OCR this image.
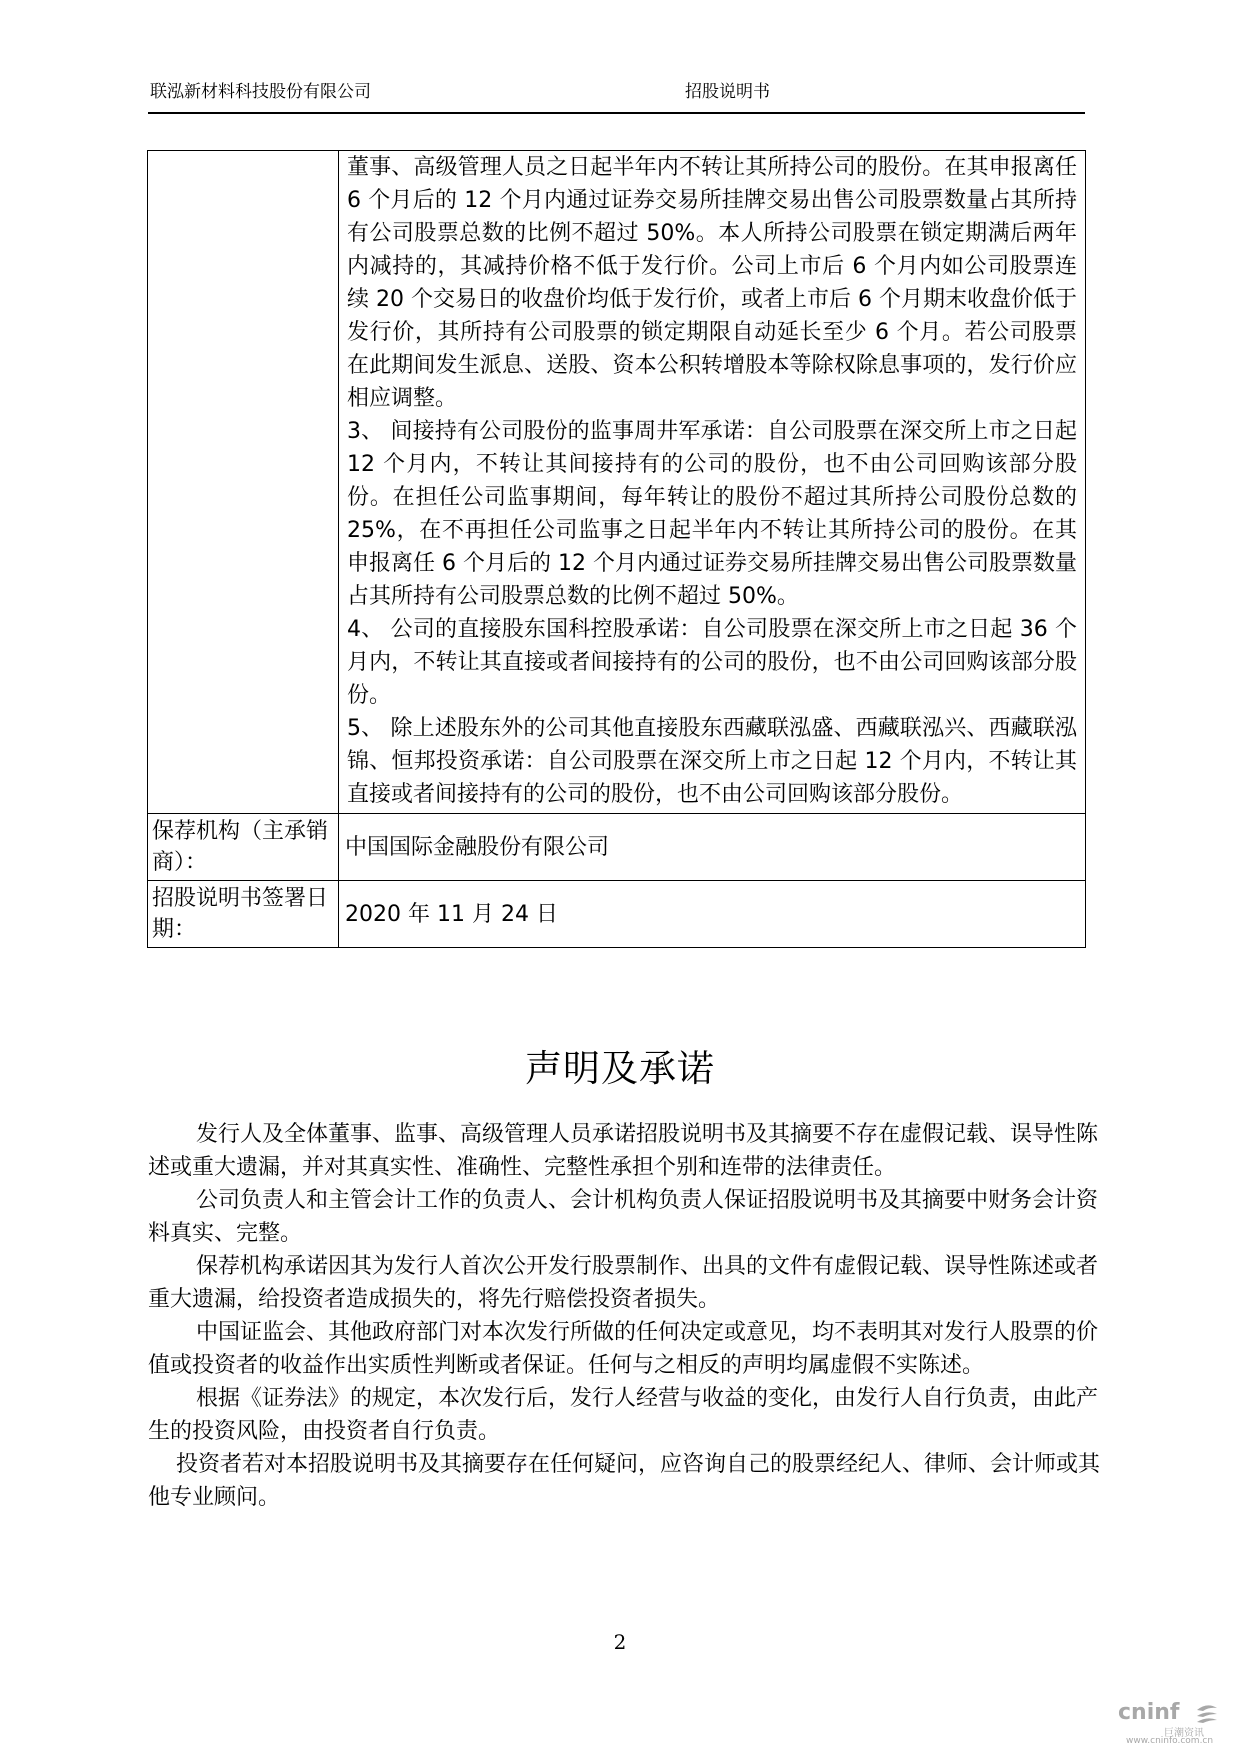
联泓新材料科技股份有限公司	招股说明书

	董事、高级管理人员之日起半年内不转让其所持公司的股份。在其申报离任 6 个月后的 12 个月内通过证券交易所挂牌交易出售公司股票数量占其所持有公司股票总数的比例不超过 50%。本人所持公司股票在锁定期满后两年内减持的，其减持价格不低于发行价。公司上市后 6 个月内如公司股票连续 20 个交易日的收盘价均低于发行价，或者上市后 6 个月期末收盘价低于发行价，其所持有公司股票的锁定期限自动延长至少 6 个月。若公司股票在此期间发生派息、送股、资本公积转增股本等除权除息事项的，发行价应相应调整。

3、 间接持有公司股份的监事周井军承诺：自公司股票在深交所上市之日起 12 个月内，不转让其间接持有的公司的股份，也不由公司回购该部分股份。在担任公司监事期间，每年转让的股份不超过其所持公司股份总数的 25%，在不再担任公司监事之日起半年内不转让其所持公司的股份。在其申报离任 6 个月后的 12 个月内通过证券交易所挂牌交易出售公司股票数量占其所持有公司股票总数的比例不超过 50%。

4、 公司的直接股东国科控股承诺：自公司股票在深交所上市之日起 36 个月内，不转让其直接或者间接持有的公司的股份，也不由公司回购该部分股份。

5、 除上述股东外的公司其他直接股东西藏联泓盛、西藏联泓兴、西藏联泓锦、恒邦投资承诺：自公司股票在深交所上市之日起 12 个月内，不转让其直接或者间接持有的公司的股份，也不由公司回购该部分股份。

保荐机构（主承销商）：	中国国际金融股份有限公司
招股说明书签署日期：	2020 年 11 月 24 日
声明及承诺

发行人及全体董事、监事、高级管理人员承诺招股说明书及其摘要不存在虚假记载、误导性陈述或重大遗漏，并对其真实性、准确性、完整性承担个别和连带的法律责任。

公司负责人和主管会计工作的负责人、会计机构负责人保证招股说明书及其摘要中财务会计资料真实、完整。

保荐机构承诺因其为发行人首次公开发行股票制作、出具的文件有虚假记载、误导性陈述或者重大遗漏，给投资者造成损失的，将先行赔偿投资者损失。

中国证监会、其他政府部门对本次发行所做的任何决定或意见，均不表明其对发行人股票的价值或投资者的收益作出实质性判断或者保证。任何与之相反的声明均属虚假不实陈述。

根据《证券法》的规定，本次发行后，发行人经营与收益的变化，由发行人自行负责，由此产生的投资风险，由投资者自行负责。

投资者若对本招股说明书及其摘要存在任何疑问，应咨询自己的股票经纪人、律师、会计师或其他专业顾问。

2
cninf
巨潮资讯
www.cninfo.com.cn
